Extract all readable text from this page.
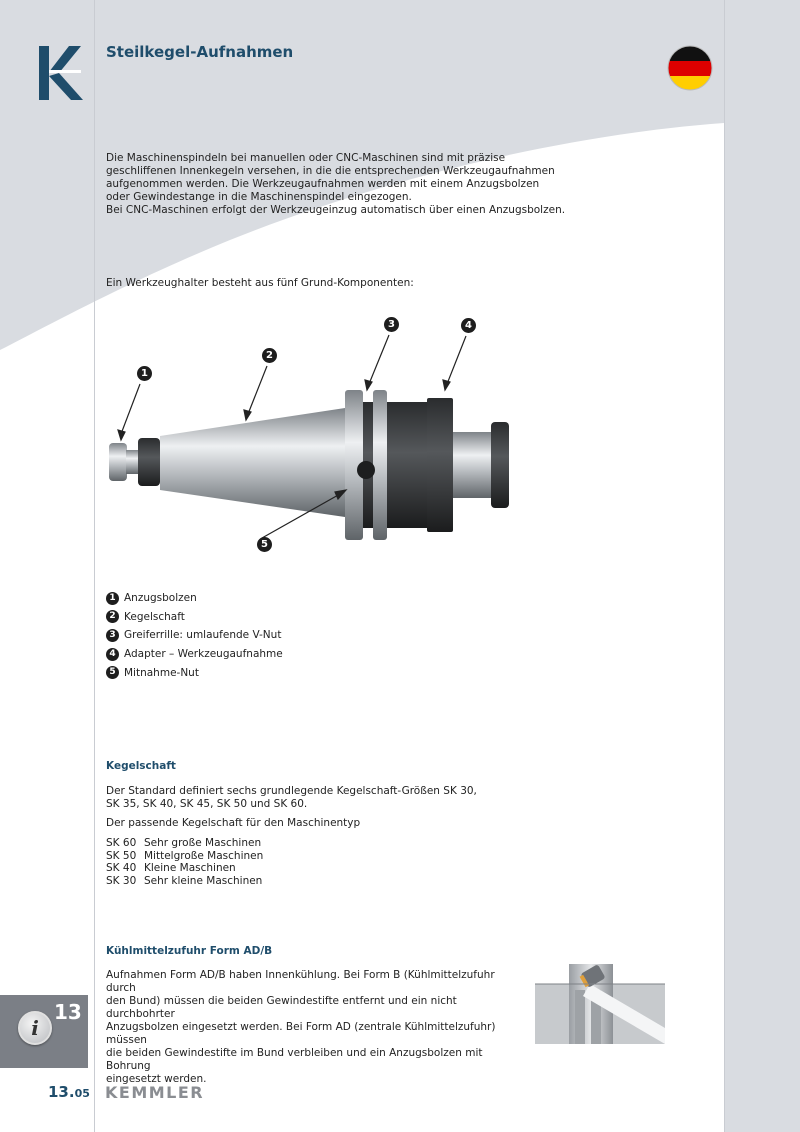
Steilkegel-Aufnahmen

Die Maschinenspindeln bei manuellen oder CNC-Maschinen sind mit präzise

geschliffenen Innenkegeln versehen, in die die entsprechenden Werkzeugaufnahmen

aufgenommen werden. Die Werkzeugaufnahmen werden mit einem Anzugsbolzen

oder Gewindestange in die Maschinenspindel eingezogen.

Bei CNC-Maschinen erfolgt der Werkzeugeinzug automatisch über einen Anzugsbolzen.

Ein Werkzeughalter besteht aus fünf Grund-Komponenten:
1
2
3	4
5
1 Anzugsbolzen
2 Kegelschaft
3 Greiferrille: umlaufende V-Nut
4 Adapter – Werkzeugaufnahme
5 Mitnahme-Nut
Kegelschaft

Der Standard definiert sechs grundlegende Kegelschaft-Größen SK 30,

SK 35, SK 40, SK 45, SK 50 und SK 60.

Der passende Kegelschaft für den Maschinentyp

SK 60 Sehr große Maschinen
SK 50 Mittelgroße Maschinen
SK 40 Kleine Maschinen
SK 30 Sehr kleine Maschinen
Kühlmittelzufuhr Form AD/B

Aufnahmen Form AD/B haben Innenkühlung. Bei Form B (Kühlmittelzufuhr durch

den Bund) müssen die beiden Gewindestifte entfernt und ein nicht durchbohrter

Anzugsbolzen eingesetzt werden. Bei Form AD (zentrale Kühlmittelzufuhr) müssen

die beiden Gewindestifte im Bund verbleiben und ein Anzugsbolzen mit Bohrung

eingesetzt werden.

13
i
13.05 KEMMLER
